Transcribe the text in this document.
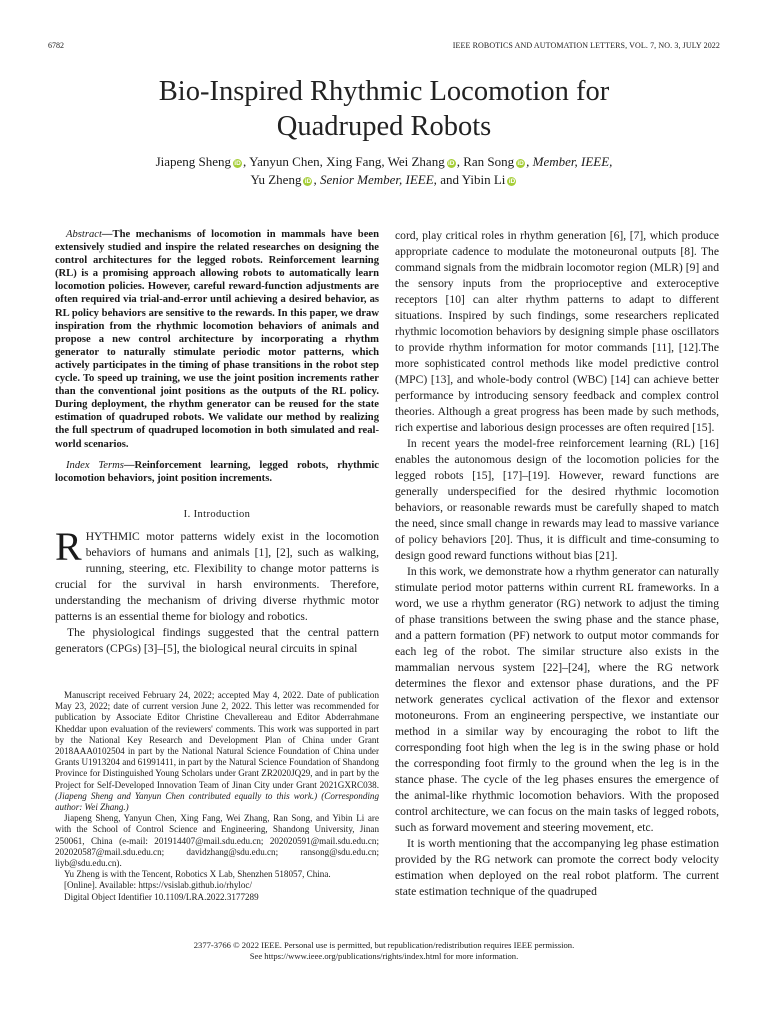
6782	IEEE ROBOTICS AND AUTOMATION LETTERS, VOL. 7, NO. 3, JULY 2022
Bio-Inspired Rhythmic Locomotion for
Quadruped Robots
Jiapeng Sheng iD , Yanyun Chen, Xing Fang, Wei Zhang iD , Ran Song iD , Member, IEEE,
Yu Zheng iD , Senior Member, IEEE, and Yibin Li iD

Abstract—The mechanisms of locomotion in mammals have been extensively studied and inspire the related researches on designing the control architectures for the legged robots. Reinforcement learning (RL) is a promising approach allowing robots to automatically learn locomotion policies. However, careful reward-function adjustments are often required via trial-and-error until achieving a desired behavior, as RL policy behaviors are sensitive to the rewards. In this paper, we draw inspiration from the rhythmic locomotion behaviors of animals and propose a new control architecture by incorporating a rhythm generator to naturally stimulate periodic motor patterns, which actively participates in the timing of phase transitions in the robot step cycle. To speed up training, we use the joint position increments rather than the conventional joint positions as the outputs of the RL policy. During deployment, the rhythm generator can be reused for the state estimation of quadruped robots. We validate our method by realizing the full spectrum of quadruped locomotion in both simulated and real-world scenarios.

Index Terms—Reinforcement learning, legged robots, rhythmic locomotion behaviors, joint position increments.

I. Introduction

RHYTHMIC motor patterns widely exist in the locomotion behaviors of humans and animals [1], [2], such as walking, running, steering, etc. Flexibility to change motor patterns is crucial for the survival in harsh environments. Therefore, understanding the mechanism of driving diverse rhythmic motor patterns is an essential theme for biology and robotics.

The physiological findings suggested that the central pattern generators (CPGs) [3]–[5], the biological neural circuits in spinal

Manuscript received February 24, 2022; accepted May 4, 2022. Date of publication May 23, 2022; date of current version June 2, 2022. This letter was recommended for publication by Associate Editor Christine Chevallereau and Editor Abderrahmane Kheddar upon evaluation of the reviewers' comments. This work was supported in part by the National Key Research and Development Plan of China under Grant 2018AAA0102504 in part by the National Natural Science Foundation of China under Grants U1913204 and 61991411, in part by the Natural Science Foundation of Shandong Province for Distinguished Young Scholars under Grant ZR2020JQ29, and in part by the Project for Self-Developed Innovation Team of Jinan City under Grant 2021GXRC038. (Jiapeng Sheng and Yanyun Chen contributed equally to this work.) (Corresponding author: Wei Zhang.)

Jiapeng Sheng, Yanyun Chen, Xing Fang, Wei Zhang, Ran Song, and Yibin Li are with the School of Control Science and Engineering, Shandong University, Jinan 250061, China (e-mail: 201914407@mail.sdu.edu.cn; 202020591@mail.sdu.edu.cn; 202020587@mail.sdu.edu.cn; davidzhang@sdu.edu.cn; ransong@sdu.edu.cn; liyb@sdu.edu.cn).

Yu Zheng is with the Tencent, Robotics X Lab, Shenzhen 518057, China.

[Online]. Available: https://vsislab.github.io/rhyloc/

Digital Object Identifier 10.1109/LRA.2022.3177289

cord, play critical roles in rhythm generation [6], [7], which produce appropriate cadence to modulate the motoneuronal outputs [8]. The command signals from the midbrain locomotor region (MLR) [9] and the sensory inputs from the proprioceptive and exteroceptive receptors [10] can alter rhythm patterns to adapt to different situations. Inspired by such findings, some researchers replicated rhythmic locomotion behaviors by designing simple phase oscillators to provide rhythm information for motor commands [11], [12].The more sophisticated control methods like model predictive control (MPC) [13], and whole-body control (WBC) [14] can achieve better performance by introducing sensory feedback and complex control theories. Although a great progress has been made by such methods, rich expertise and laborious design processes are often required [15].

In recent years the model-free reinforcement learning (RL) [16] enables the autonomous design of the locomotion policies for the legged robots [15], [17]–[19]. However, reward functions are generally underspecified for the desired rhythmic locomotion behaviors, or reasonable rewards must be carefully shaped to match the need, since small change in rewards may lead to massive variance of policy behaviors [20]. Thus, it is difficult and time-consuming to design good reward functions without bias [21].

In this work, we demonstrate how a rhythm generator can naturally stimulate period motor patterns within current RL frameworks. In a word, we use a rhythm generator (RG) network to adjust the timing of phase transitions between the swing phase and the stance phase, and a pattern formation (PF) network to output motor commands for each leg of the robot. The similar structure also exists in the mammalian nervous system [22]–[24], where the RG network determines the flexor and extensor phase durations, and the PF network generates cyclical activation of the flexor and extensor motoneurons. From an engineering perspective, we instantiate our method in a similar way by encouraging the robot to lift the corresponding foot high when the leg is in the swing phase or hold the corresponding foot firmly to the ground when the leg is in the stance phase. The cycle of the leg phases ensures the emergence of the animal-like rhythmic locomotion behaviors. With the proposed control architecture, we can focus on the main tasks of legged robots, such as forward movement and steering movement, etc.

It is worth mentioning that the accompanying leg phase estimation provided by the RG network can promote the correct body velocity estimation when deployed on the real robot platform. The current state estimation technique of the quadruped

2377-3766 © 2022 IEEE. Personal use is permitted, but republication/redistribution requires IEEE permission.
See https://www.ieee.org/publications/rights/index.html for more information.
